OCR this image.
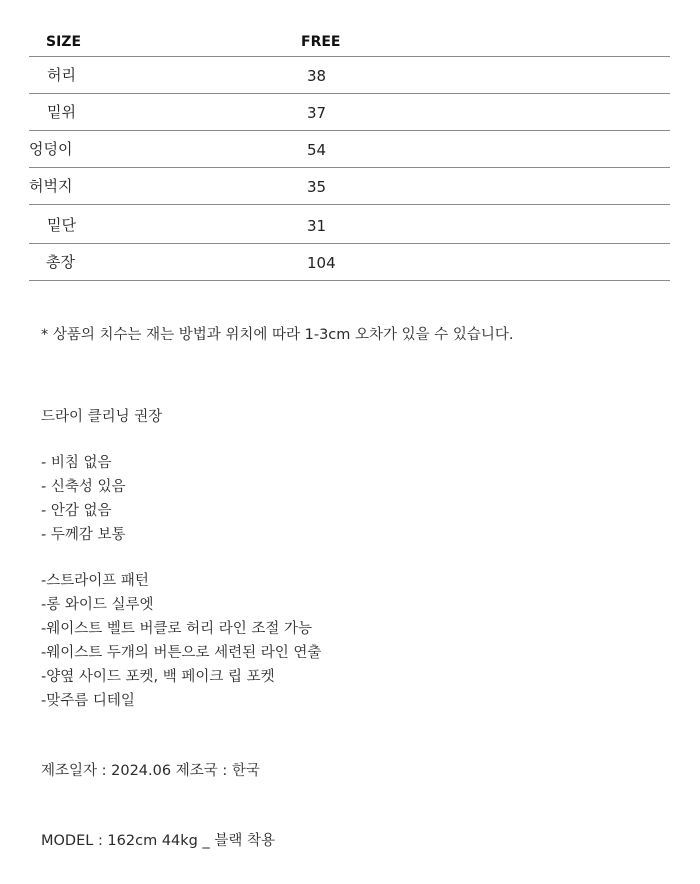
SIZE	FREE
허리	38
밑위	37
엉덩이	54
허벅지	35
밑단	31
총장	104
* 상품의 치수는 재는 방법과 위치에 따라 1-3cm 오차가 있을 수 있습니다.
드라이 클리닝 권장
- 비침 없음
- 신축성 있음
- 안감 없음
- 두께감 보통
-스트라이프 패턴
-롱 와이드 실루엣
-웨이스트 벨트 버클로 허리 라인 조절 가능
-웨이스트 두개의 버튼으로 세련된 라인 연출
-양옆 사이드 포켓, 백 페이크 립 포켓
-맞주름 디테일
제조일자 : 2024.06 제조국 : 한국
MODEL : 162cm 44kg _ 블랙 착용
